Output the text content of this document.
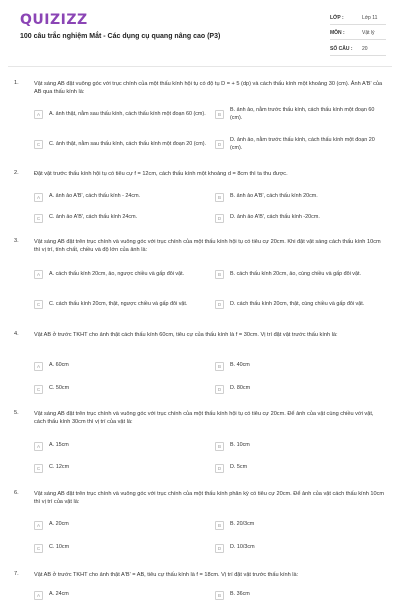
QUIZIZZ
100 câu trắc nghiệm Mắt - Các dụng cụ quang nâng cao (P3)
LỚP :	Lớp 11
MÔN :	Vật lý
SỐ CÂU : 20
1.	Vật sáng AB đặt vuông góc với trục chính của một thấu kính hội tụ có độ tụ D = + 5 (dp) và cách thấu kính một khoảng 30 (cm). Ảnh A'B' của AB qua thấu kính là:
A	A. ảnh thật, nằm sau thấu kính, cách thấu kính một đoạn 60 (cm).	B
B. ảnh ảo, nằm trước thấu kính, cách thấu kính một đoạn 60 (cm).
C	C. ảnh thật, nằm sau thấu kính, cách thấu kính một đoạn 20 (cm).	D
D. ảnh ảo, nằm trước thấu kính, cách thấu kính một đoạn 20 (cm).
2.	Đặt vật trước thấu kính hội tụ có tiêu cự f = 12cm, cách thấu kính một khoảng d = 8cm thì ta thu được.
A	A. ảnh ảo A'B', cách thấu kính - 24cm.	B	B. ảnh ảo A'B', cách thấu kính 20cm.
C	C. ảnh ảo A'B', cách thấu kính 24cm.	D	D. ảnh ảo A'B', cách thấu kính -20cm.
3.	Vật sáng AB đặt trên trục chính và vuông góc với trục chính của một thấu kính hội tụ có tiêu cự 20cm. Khi đặt vật sáng cách thấu kính 10cm thì vị trí, tính chất, chiều và độ lớn của ảnh là:
A	A. cách thấu kính 20cm, ảo, ngược chiều và gấp đôi vật.	B	B. cách thấu kính 20cm, ảo, cùng chiều và gấp đôi vật.
C	C. cách thấu kính 20cm, thật, ngược chiều và gấp đôi vật.	D	D. cách thấu kính 20cm, thật, cùng chiều và gấp đôi vật.
4.	Vật AB ở trước TKHT cho ảnh thật cách thấu kính 60cm, tiêu cự của thấu kính là f = 30cm. Vị trí đặt vật trước thấu kính là:
A	A. 60cm	B	B. 40cm
C	C. 50cm	D	D. 80cm
5.	Vật sáng AB đặt trên trục chính và vuông góc với trục chính của một thấu kính hội tụ có tiêu cự 20cm. Để ảnh của vật cùng chiều với vật, cách thấu kính 30cm thì vị trí của vật là:
A	A. 15cm	B	B. 10cm
C	C. 12cm	D	D. 5cm
6.	Vật sáng AB đặt trên trục chính và vuông góc với trục chính của một thấu kính phân kỳ có tiêu cự 20cm. Để ảnh của vật cách thấu kính 10cm thì vị trí của vật là:
A	A. 20cm	B	B. 20/3cm
C	C. 10cm	D	D. 10/3cm
7.	Vật AB ở trước TKHT cho ảnh thật A'B' = AB, tiêu cự thấu kính là f = 18cm. Vị trí đặt vật trước thấu kính là:
A	A. 24cm	B	B. 36cm
